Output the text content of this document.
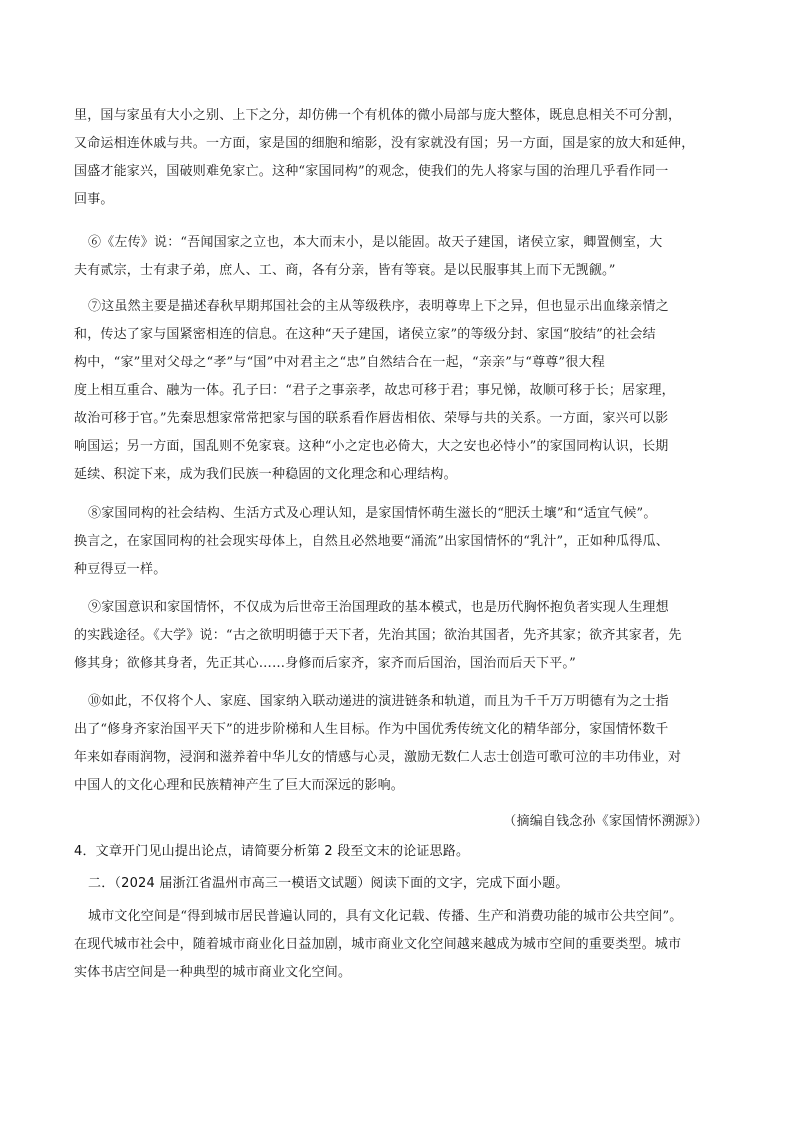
里，国与家虽有大小之别、上下之分，却仿佛一个有机体的微小局部与庞大整体，既息息相关不可分割，
又命运相连休戚与共。一方面，家是国的细胞和缩影，没有家就没有国；另一方面，国是家的放大和延伸，
国盛才能家兴，国破则难免家亡。这种“家国同构”的观念，使我们的先人将家与国的治理几乎看作同一
回事。
⑥《左传》说：“吾闻国家之立也，本大而末小，是以能固。故天子建国，诸侯立家，卿置侧室，大
夫有贰宗，士有隶子弟，庶人、工、商，各有分亲，皆有等衰。是以民服事其上而下无觊觎。”
⑦这虽然主要是描述春秋早期邦国社会的主从等级秩序，表明尊卑上下之异，但也显示出血缘亲情之
和，传达了家与国紧密相连的信息。在这种“天子建国，诸侯立家”的等级分封、家国“胶结”的社会结
构中，“家”里对父母之“孝”与“国”中对君主之“忠”自然结合在一起，“亲亲”与“尊尊”很大程
度上相互重合、融为一体。孔子曰：“君子之事亲孝，故忠可移于君；事兄悌，故顺可移于长；居家理，
故治可移于官。”先秦思想家常常把家与国的联系看作唇齿相依、荣辱与共的关系。一方面，家兴可以影
响国运；另一方面，国乱则不免家衰。这种“小之定也必倚大，大之安也必恃小”的家国同构认识，长期
延续、积淀下来，成为我们民族一种稳固的文化理念和心理结构。
⑧家国同构的社会结构、生活方式及心理认知，是家国情怀萌生滋长的“肥沃土壤”和“适宜气候”。
换言之，在家国同构的社会现实母体上，自然且必然地要“涌流”出家国情怀的“乳汁”，正如种瓜得瓜、
种豆得豆一样。
⑨家国意识和家国情怀，不仅成为后世帝王治国理政的基本模式，也是历代胸怀抱负者实现人生理想
的实践途径。《大学》说：“古之欲明明德于天下者，先治其国；欲治其国者，先齐其家；欲齐其家者，先
修其身；欲修其身者，先正其心……身修而后家齐，家齐而后国治，国治而后天下平。”
⑩如此，不仅将个人、家庭、国家纳入联动递进的演进链条和轨道，而且为千千万万明德有为之士指
出了“修身齐家治国平天下”的进步阶梯和人生目标。作为中国优秀传统文化的精华部分，家国情怀数千
年来如春雨润物，浸润和滋养着中华儿女的情感与心灵，激励无数仁人志士创造可歌可泣的丰功伟业，对
中国人的文化心理和民族精神产生了巨大而深远的影响。
（摘编自钱念孙《家国情怀溯源》）
4．文章开门见山提出论点，请简要分析第 2 段至文末的论证思路。
二．（2024 届浙江省温州市高三一模语文试题）阅读下面的文字，完成下面小题。
城市文化空间是“得到城市居民普遍认同的，具有文化记载、传播、生产和消费功能的城市公共空间”。
在现代城市社会中，随着城市商业化日益加剧，城市商业文化空间越来越成为城市空间的重要类型。城市
实体书店空间是一种典型的城市商业文化空间。
